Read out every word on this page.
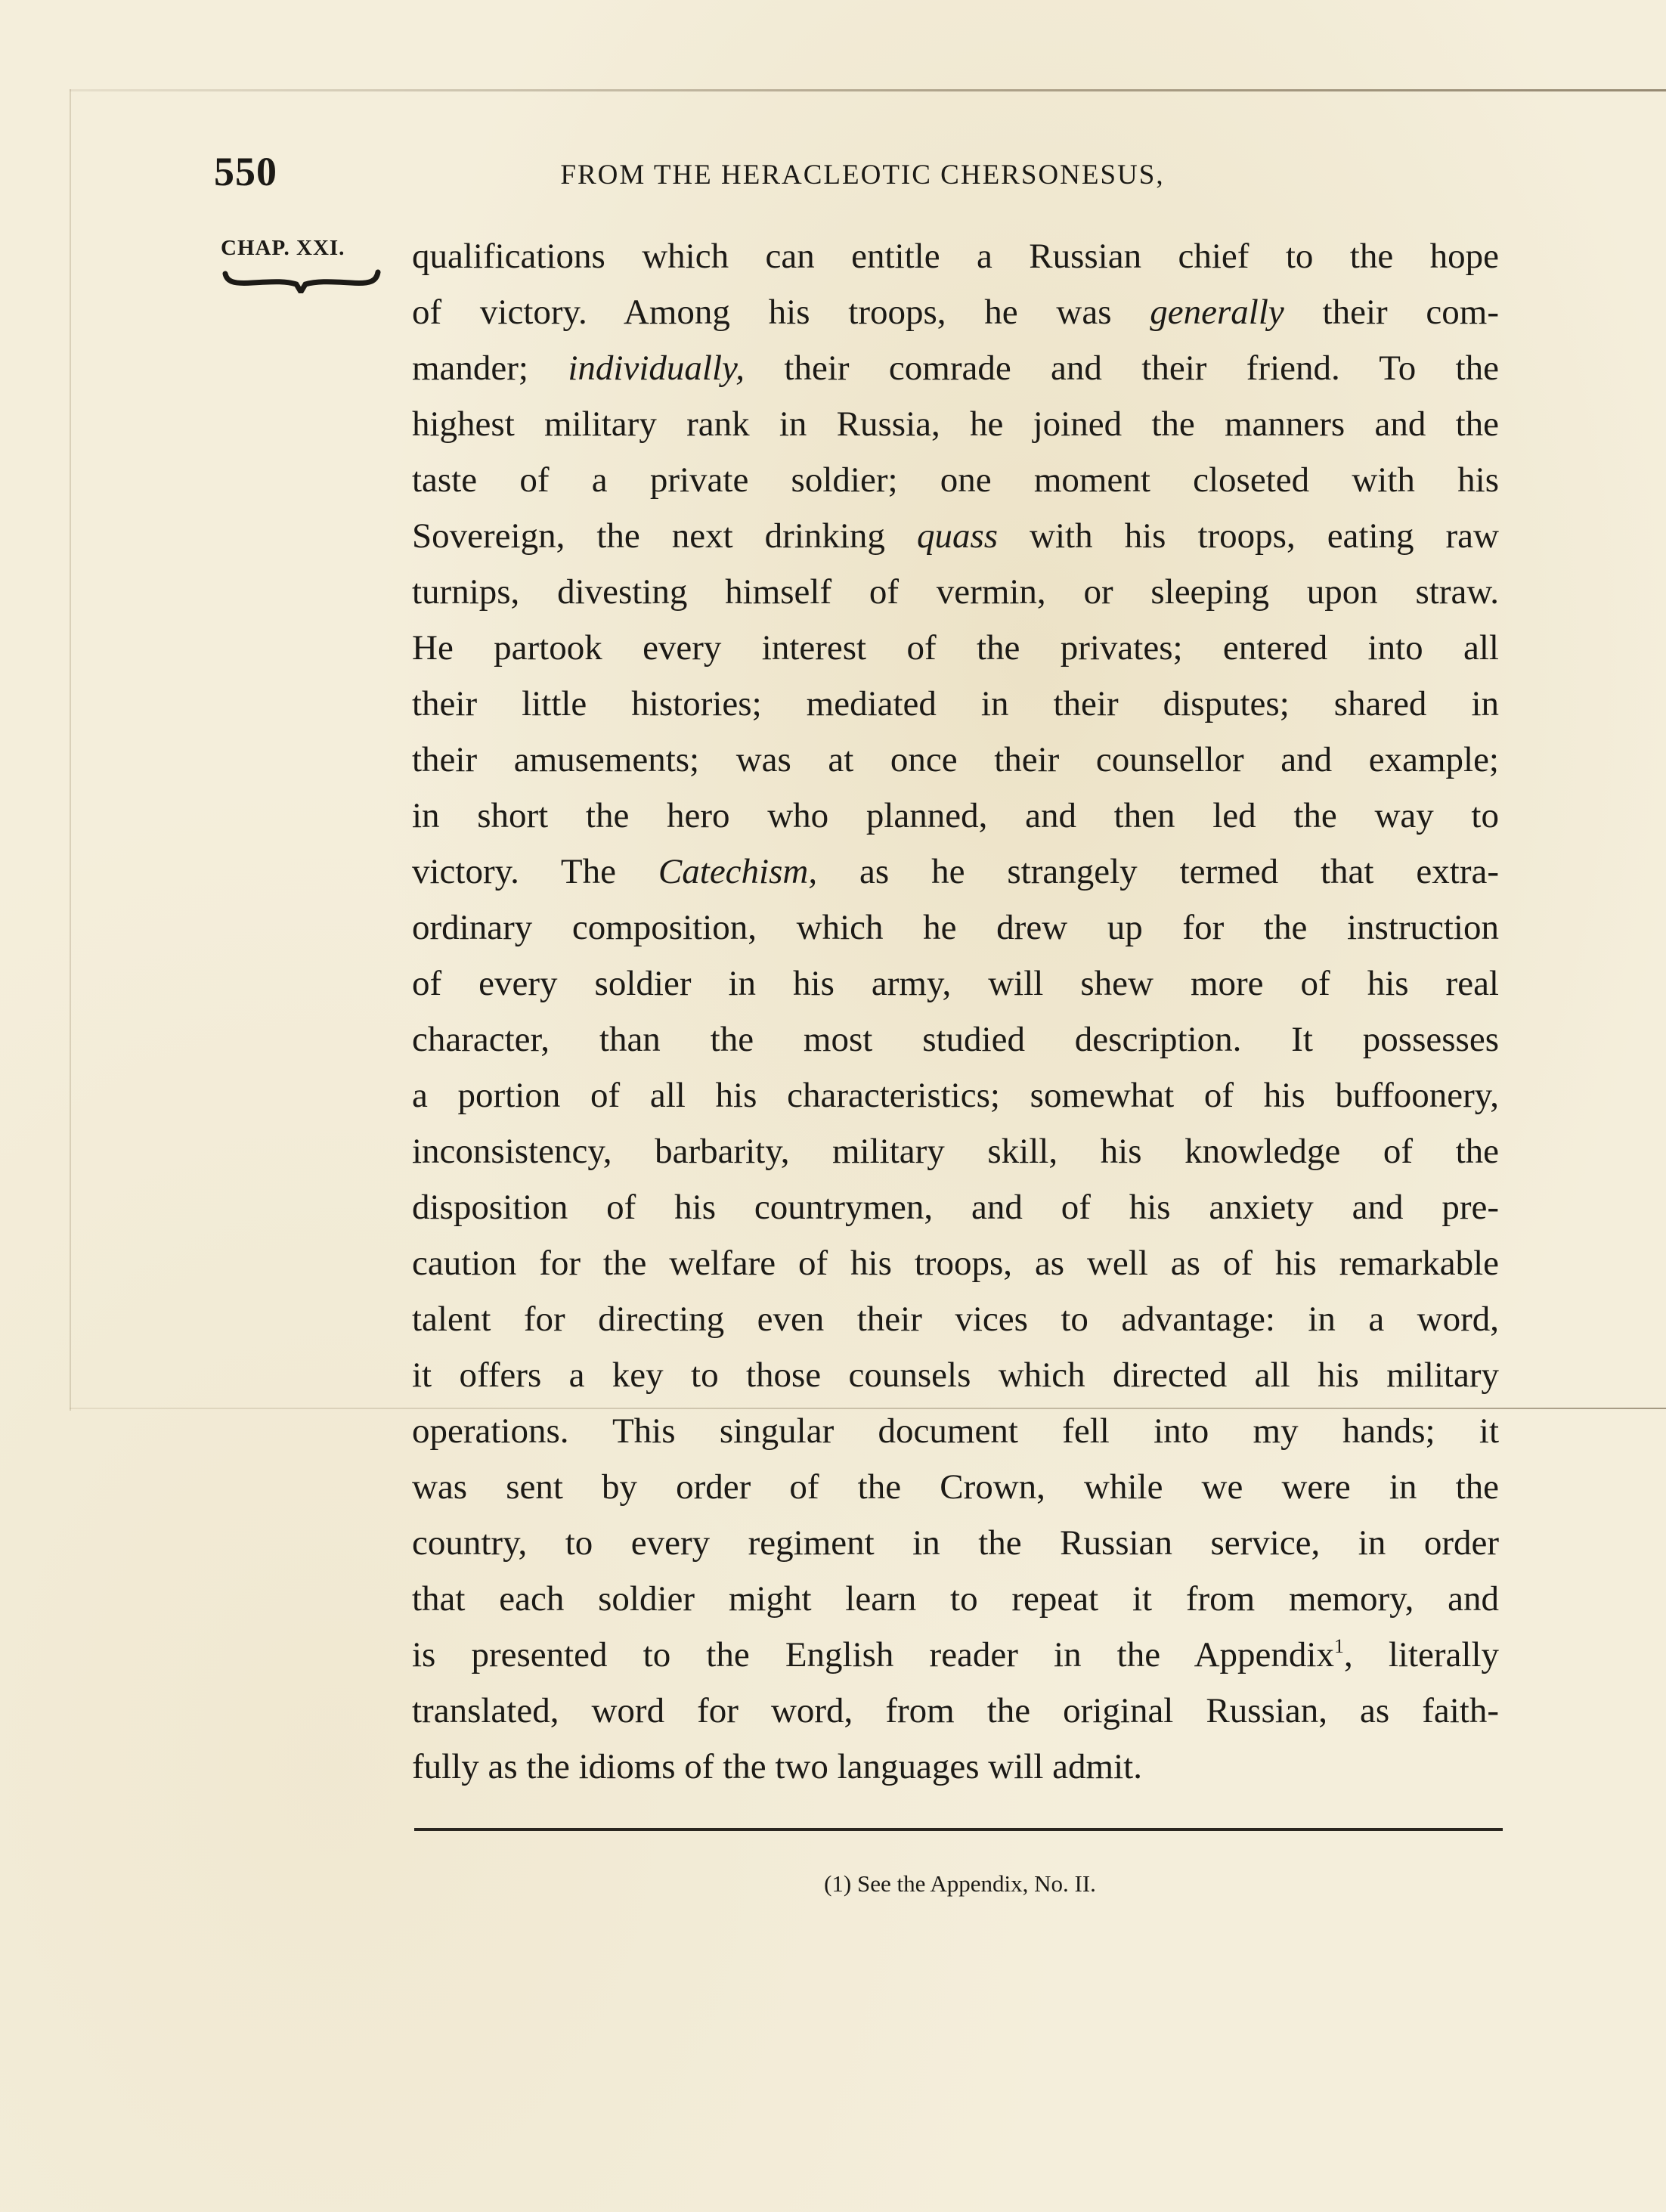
550	FROM THE HERACLEOTIC CHERSONESUS,
CHAP. XXI. qualifications which can entitle a Russian chief to the hope
of victory. Among his troops, he was generally their com-
mander; individually, their comrade and their friend. To the
highest military rank in Russia, he joined the manners and the
taste of a private soldier; one moment closeted with his
Sovereign, the next drinking quass with his troops, eating raw
turnips, divesting himself of vermin, or sleeping upon straw.
He partook every interest of the privates; entered into all
their little histories; mediated in their disputes; shared in
their amusements; was at once their counsellor and example;
in short the hero who planned, and then led the way to
victory. The Catechism, as he strangely termed that extra-
ordinary composition, which he drew up for the instruction
of every soldier in his army, will shew more of his real
character, than the most studied description. It possesses
a portion of all his characteristics; somewhat of his buffoonery,
inconsistency, barbarity, military skill, his knowledge of the
disposition of his countrymen, and of his anxiety and pre-
caution for the welfare of his troops, as well as of his remarkable
talent for directing even their vices to advantage: in a word,
it offers a key to those counsels which directed all his military
operations. This singular document fell into my hands; it
was sent by order of the Crown, while we were in the
country, to every regiment in the Russian service, in order
that each soldier might learn to repeat it from memory, and
is presented to the English reader in the Appendix$^1$, literally
translated, word for word, from the original Russian, as faith-
fully as the idioms of the two languages will admit.
(1) See the Appendix, No. II.
